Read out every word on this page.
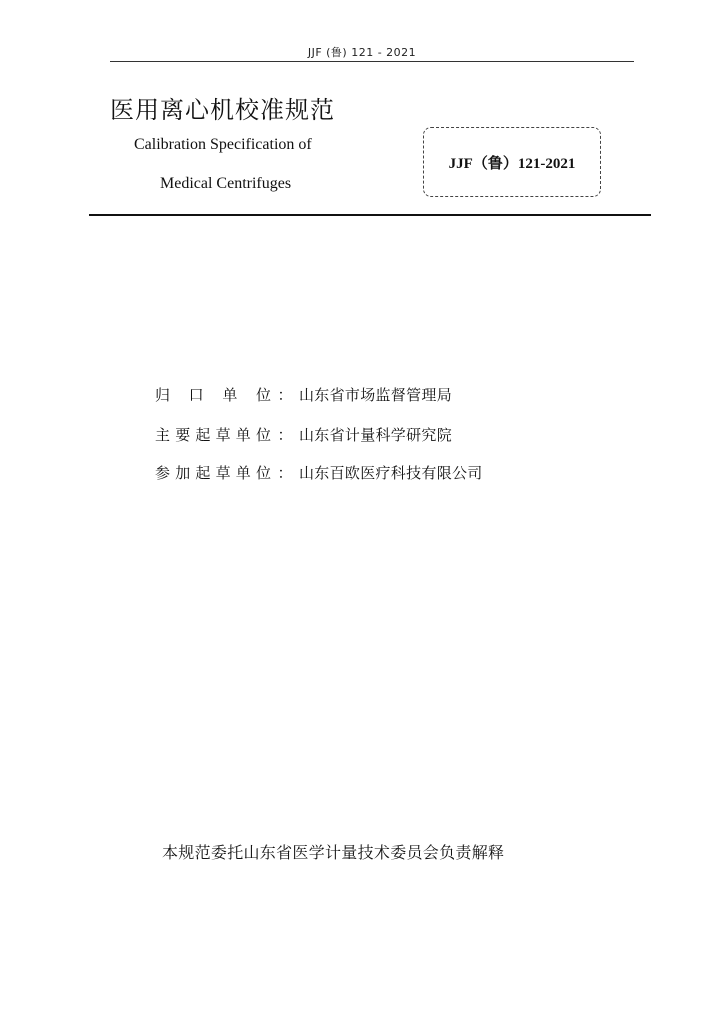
JJF (鲁) 121 - 2021
医用离心机校准规范
Calibration Specification of
Medical Centrifuges
JJF（鲁）121-2021
归 口 单 位 ： 山东省市场监督管理局
主 要 起 草 单 位 ： 山东省计量科学研究院
参 加 起 草 单 位 ： 山东百欧医疗科技有限公司
本规范委托山东省医学计量技术委员会负责解释
